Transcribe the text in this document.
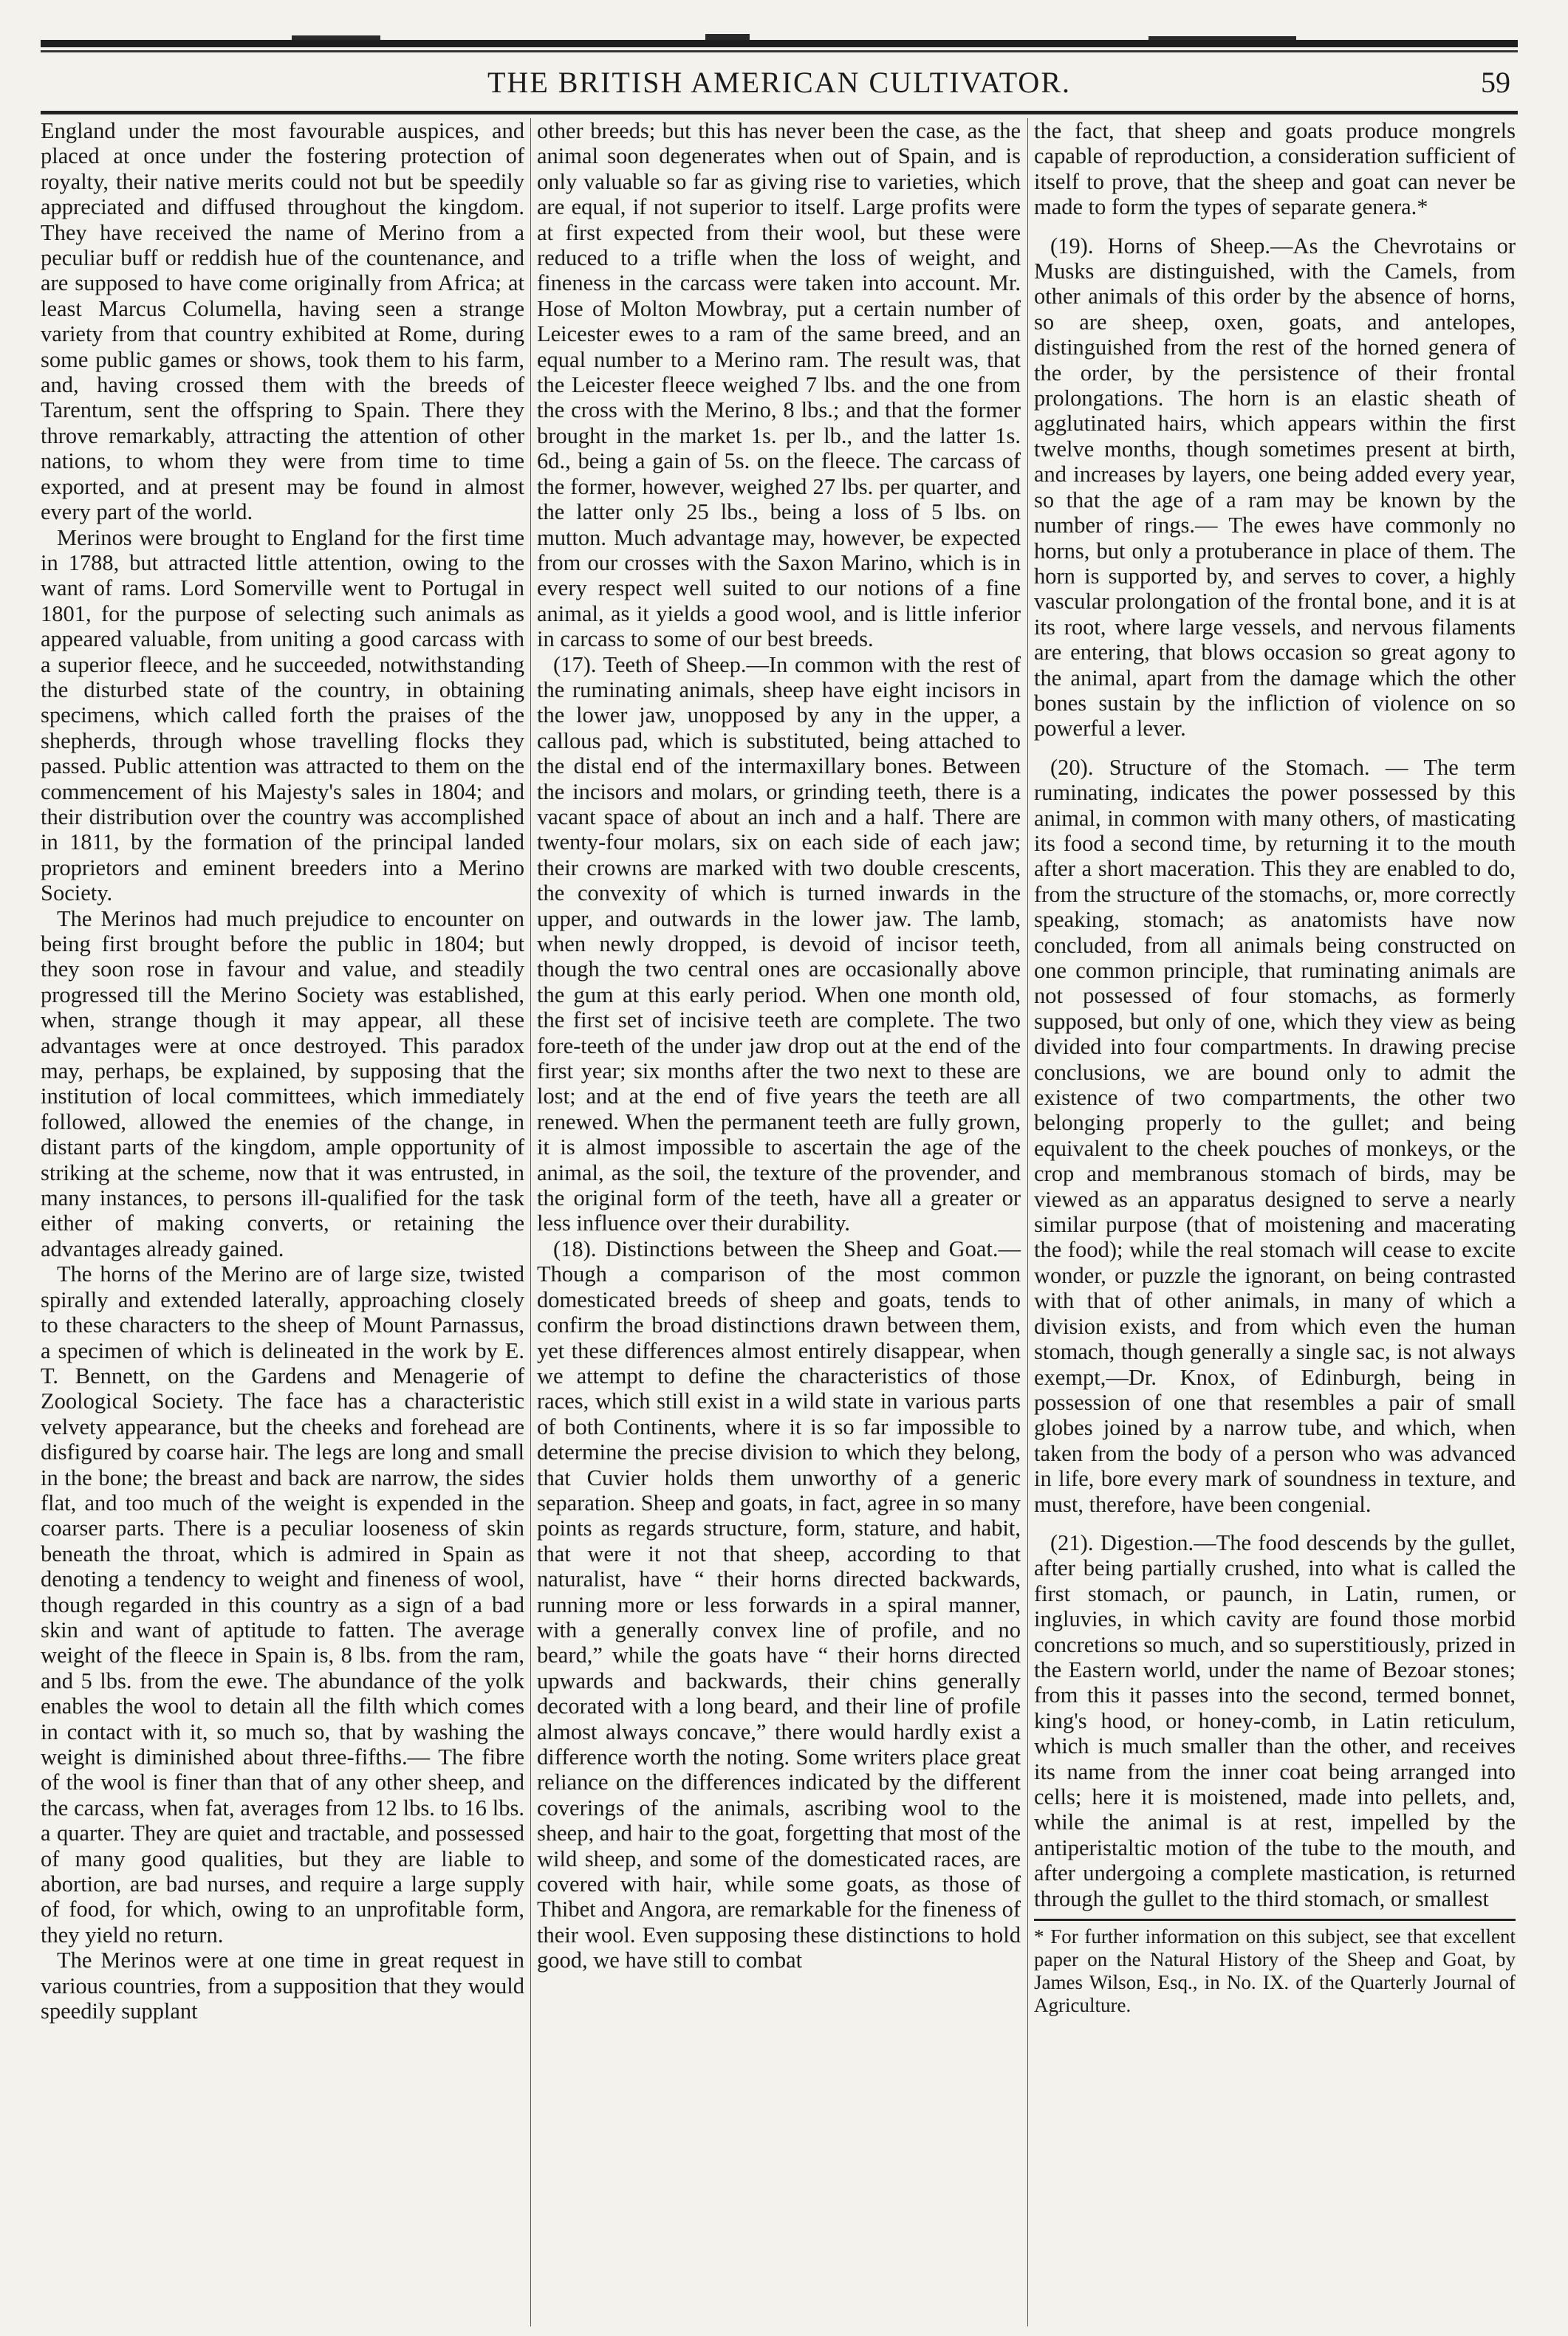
THE BRITISH AMERICAN CULTIVATOR.	59

England under the most favourable auspices, and placed at once under the fostering protection of royalty, their native merits could not but be speedily appreciated and diffused throughout the kingdom. They have received the name of Merino from a peculiar buff or reddish hue of the countenance, and are supposed to have come originally from Africa; at least Marcus Columella, having seen a strange variety from that country exhibited at Rome, during some public games or shows, took them to his farm, and, having crossed them with the breeds of Tarentum, sent the offspring to Spain. There they throve remarkably, attracting the attention of other nations, to whom they were from time to time exported, and at present may be found in almost every part of the world.

Merinos were brought to England for the first time in 1788, but attracted little attention, owing to the want of rams. Lord Somerville went to Portugal in 1801, for the purpose of selecting such animals as appeared valuable, from uniting a good carcass with a superior fleece, and he succeeded, notwithstanding the disturbed state of the country, in obtaining specimens, which called forth the praises of the shepherds, through whose travelling flocks they passed. Public attention was attracted to them on the commencement of his Majesty's sales in 1804; and their distribution over the country was accomplished in 1811, by the formation of the principal landed proprietors and eminent breeders into a Merino Society.

The Merinos had much prejudice to encounter on being first brought before the public in 1804; but they soon rose in favour and value, and steadily progressed till the Merino Society was established, when, strange though it may appear, all these advantages were at once destroyed. This paradox may, perhaps, be explained, by supposing that the institution of local committees, which immediately followed, allowed the enemies of the change, in distant parts of the kingdom, ample opportunity of striking at the scheme, now that it was entrusted, in many instances, to persons ill-qualified for the task either of making converts, or retaining the advantages already gained.

The horns of the Merino are of large size, twisted spirally and extended laterally, approaching closely to these characters to the sheep of Mount Parnassus, a specimen of which is delineated in the work by E. T. Bennett, on the Gardens and Menagerie of Zoological Society. The face has a characteristic velvety appearance, but the cheeks and forehead are disfigured by coarse hair. The legs are long and small in the bone; the breast and back are narrow, the sides flat, and too much of the weight is expended in the coarser parts. There is a peculiar looseness of skin beneath the throat, which is admired in Spain as denoting a tendency to weight and fineness of wool, though regarded in this country as a sign of a bad skin and want of aptitude to fatten. The average weight of the fleece in Spain is, 8 lbs. from the ram, and 5 lbs. from the ewe. The abundance of the yolk enables the wool to detain all the filth which comes in contact with it, so much so, that by washing the weight is diminished about three-fifths.— The fibre of the wool is finer than that of any other sheep, and the carcass, when fat, averages from 12 lbs. to 16 lbs. a quarter. They are quiet and tractable, and possessed of many good qualities, but they are liable to abortion, are bad nurses, and require a large supply of food, for which, owing to an unprofitable form, they yield no return.

The Merinos were at one time in great request in various countries, from a supposition that they would speedily supplant

other breeds; but this has never been the case, as the animal soon degenerates when out of Spain, and is only valuable so far as giving rise to varieties, which are equal, if not superior to itself. Large profits were at first expected from their wool, but these were reduced to a trifle when the loss of weight, and fineness in the carcass were taken into account. Mr. Hose of Molton Mowbray, put a certain number of Leicester ewes to a ram of the same breed, and an equal number to a Merino ram. The result was, that the Leicester fleece weighed 7 lbs. and the one from the cross with the Merino, 8 lbs.; and that the former brought in the market 1s. per lb., and the latter 1s. 6d., being a gain of 5s. on the fleece. The carcass of the former, however, weighed 27 lbs. per quarter, and the latter only 25 lbs., being a loss of 5 lbs. on mutton. Much advantage may, however, be expected from our crosses with the Saxon Marino, which is in every respect well suited to our notions of a fine animal, as it yields a good wool, and is little inferior in carcass to some of our best breeds.

(17). Teeth of Sheep.—In common with the rest of the ruminating animals, sheep have eight incisors in the lower jaw, unopposed by any in the upper, a callous pad, which is substituted, being attached to the distal end of the intermaxillary bones. Between the incisors and molars, or grinding teeth, there is a vacant space of about an inch and a half. There are twenty-four molars, six on each side of each jaw; their crowns are marked with two double crescents, the convexity of which is turned inwards in the upper, and outwards in the lower jaw. The lamb, when newly dropped, is devoid of incisor teeth, though the two central ones are occasionally above the gum at this early period. When one month old, the first set of incisive teeth are complete. The two fore-teeth of the under jaw drop out at the end of the first year; six months after the two next to these are lost; and at the end of five years the teeth are all renewed. When the permanent teeth are fully grown, it is almost impossible to ascertain the age of the animal, as the soil, the texture of the provender, and the original form of the teeth, have all a greater or less influence over their durability.

(18). Distinctions between the Sheep and Goat.—Though a comparison of the most common domesticated breeds of sheep and goats, tends to confirm the broad distinctions drawn between them, yet these differences almost entirely disappear, when we attempt to define the characteristics of those races, which still exist in a wild state in various parts of both Continents, where it is so far impossible to determine the precise division to which they belong, that Cuvier holds them unworthy of a generic separation. Sheep and goats, in fact, agree in so many points as regards structure, form, stature, and habit, that were it not that sheep, according to that naturalist, have “ their horns directed backwards, running more or less forwards in a spiral manner, with a generally convex line of profile, and no beard,” while the goats have “ their horns directed upwards and backwards, their chins generally decorated with a long beard, and their line of profile almost always concave,” there would hardly exist a difference worth the noting. Some writers place great reliance on the differences indicated by the different coverings of the animals, ascribing wool to the sheep, and hair to the goat, forgetting that most of the wild sheep, and some of the domesticated races, are covered with hair, while some goats, as those of Thibet and Angora, are remarkable for the fineness of their wool. Even supposing these distinctions to hold good, we have still to combat

the fact, that sheep and goats produce mongrels capable of reproduction, a consideration sufficient of itself to prove, that the sheep and goat can never be made to form the types of separate genera.*

(19). Horns of Sheep.—As the Chevrotains or Musks are distinguished, with the Camels, from other animals of this order by the absence of horns, so are sheep, oxen, goats, and antelopes, distinguished from the rest of the horned genera of the order, by the persistence of their frontal prolongations. The horn is an elastic sheath of agglutinated hairs, which appears within the first twelve months, though sometimes present at birth, and increases by layers, one being added every year, so that the age of a ram may be known by the number of rings.— The ewes have commonly no horns, but only a protuberance in place of them. The horn is supported by, and serves to cover, a highly vascular prolongation of the frontal bone, and it is at its root, where large vessels, and nervous filaments are entering, that blows occasion so great agony to the animal, apart from the damage which the other bones sustain by the infliction of violence on so powerful a lever.

(20). Structure of the Stomach. — The term ruminating, indicates the power possessed by this animal, in common with many others, of masticating its food a second time, by returning it to the mouth after a short maceration. This they are enabled to do, from the structure of the stomachs, or, more correctly speaking, stomach; as anatomists have now concluded, from all animals being constructed on one common principle, that ruminating animals are not possessed of four stomachs, as formerly supposed, but only of one, which they view as being divided into four compartments. In drawing precise conclusions, we are bound only to admit the existence of two compartments, the other two belonging properly to the gullet; and being equivalent to the cheek pouches of monkeys, or the crop and membranous stomach of birds, may be viewed as an apparatus designed to serve a nearly similar purpose (that of moistening and macerating the food); while the real stomach will cease to excite wonder, or puzzle the ignorant, on being contrasted with that of other animals, in many of which a division exists, and from which even the human stomach, though generally a single sac, is not always exempt,—Dr. Knox, of Edinburgh, being in possession of one that resembles a pair of small globes joined by a narrow tube, and which, when taken from the body of a person who was advanced in life, bore every mark of soundness in texture, and must, therefore, have been congenial.

(21). Digestion.—The food descends by the gullet, after being partially crushed, into what is called the first stomach, or paunch, in Latin, rumen, or ingluvies, in which cavity are found those morbid concretions so much, and so superstitiously, prized in the Eastern world, under the name of Bezoar stones; from this it passes into the second, termed bonnet, king's hood, or honey-comb, in Latin reticulum, which is much smaller than the other, and receives its name from the inner coat being arranged into cells; here it is moistened, made into pellets, and, while the animal is at rest, impelled by the antiperistaltic motion of the tube to the mouth, and after undergoing a complete mastication, is returned through the gullet to the third stomach, or smallest

* For further information on this subject, see that excellent paper on the Natural History of the Sheep and Goat, by James Wilson, Esq., in No. IX. of the Quarterly Journal of Agriculture.
